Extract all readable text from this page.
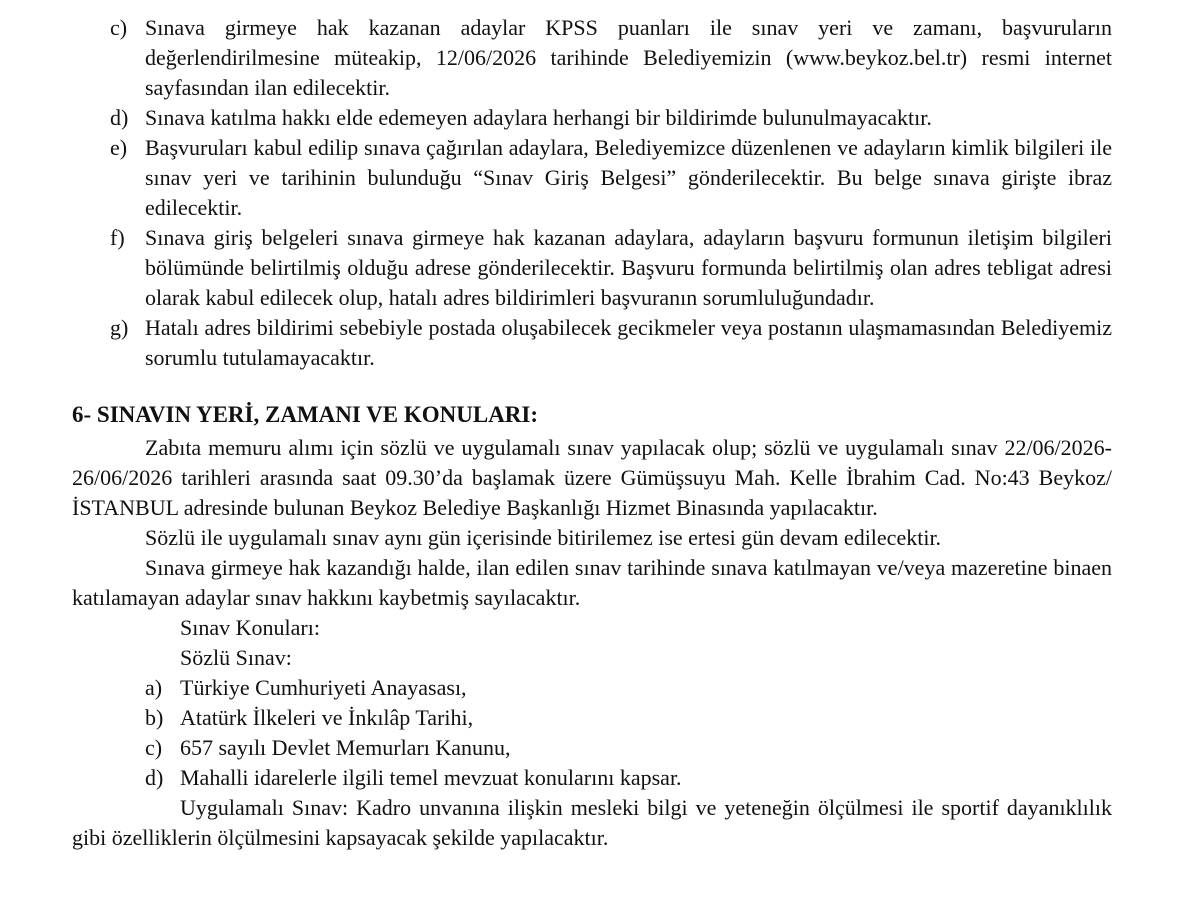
c) Sınava girmeye hak kazanan adaylar KPSS puanları ile sınav yeri ve zamanı, başvuruların değerlendirilmesine müteakip, 12/06/2026 tarihinde Belediyemizin (www.beykoz.bel.tr) resmi internet sayfasından ilan edilecektir.
d) Sınava katılma hakkı elde edemeyen adaylara herhangi bir bildirimde bulunulmayacaktır.
e) Başvuruları kabul edilip sınava çağırılan adaylara, Belediyemizce düzenlenen ve adayların kimlik bilgileri ile sınav yeri ve tarihinin bulunduğu “Sınav Giriş Belgesi” gönderilecektir. Bu belge sınava girişte ibraz edilecektir.
f) Sınava giriş belgeleri sınava girmeye hak kazanan adaylara, adayların başvuru formunun iletişim bilgileri bölümünde belirtilmiş olduğu adrese gönderilecektir. Başvuru formunda belirtilmiş olan adres tebligat adresi olarak kabul edilecek olup, hatalı adres bildirimleri başvuranın sorumluluğundadır.
g) Hatalı adres bildirimi sebebiyle postada oluşabilecek gecikmeler veya postanın ulaşmamasından Belediyemiz sorumlu tutulamayacaktır.
6- SINAVIN YERİ, ZAMANI VE KONULARI:
Zabıta memuru alımı için sözlü ve uygulamalı sınav yapılacak olup; sözlü ve uygulamalı sınav 22/06/2026-26/06/2026 tarihleri arasında saat 09.30’da başlamak üzere Gümüşsuyu Mah. Kelle İbrahim Cad. No:43 Beykoz/İSTANBUL adresinde bulunan Beykoz Belediye Başkanlığı Hizmet Binasında yapılacaktır.
Sözlü ile uygulamalı sınav aynı gün içerisinde bitirilemez ise ertesi gün devam edilecektir.
Sınava girmeye hak kazandığı halde, ilan edilen sınav tarihinde sınava katılmayan ve/veya mazeretine binaen katılamayan adaylar sınav hakkını kaybetmiş sayılacaktır.
Sınav Konuları:
Sözlü Sınav:
a) Türkiye Cumhuriyeti Anayasası,
b) Atatürk İlkeleri ve İnkılâp Tarihi,
c) 657 sayılı Devlet Memurları Kanunu,
d) Mahalli idarelerle ilgili temel mevzuat konularını kapsar.
Uygulamalı Sınav: Kadro unvanına ilişkin mesleki bilgi ve yeteneğin ölçülmesi ile sportif dayanıklılık gibi özelliklerin ölçülmesini kapsayacak şekilde yapılacaktır.
